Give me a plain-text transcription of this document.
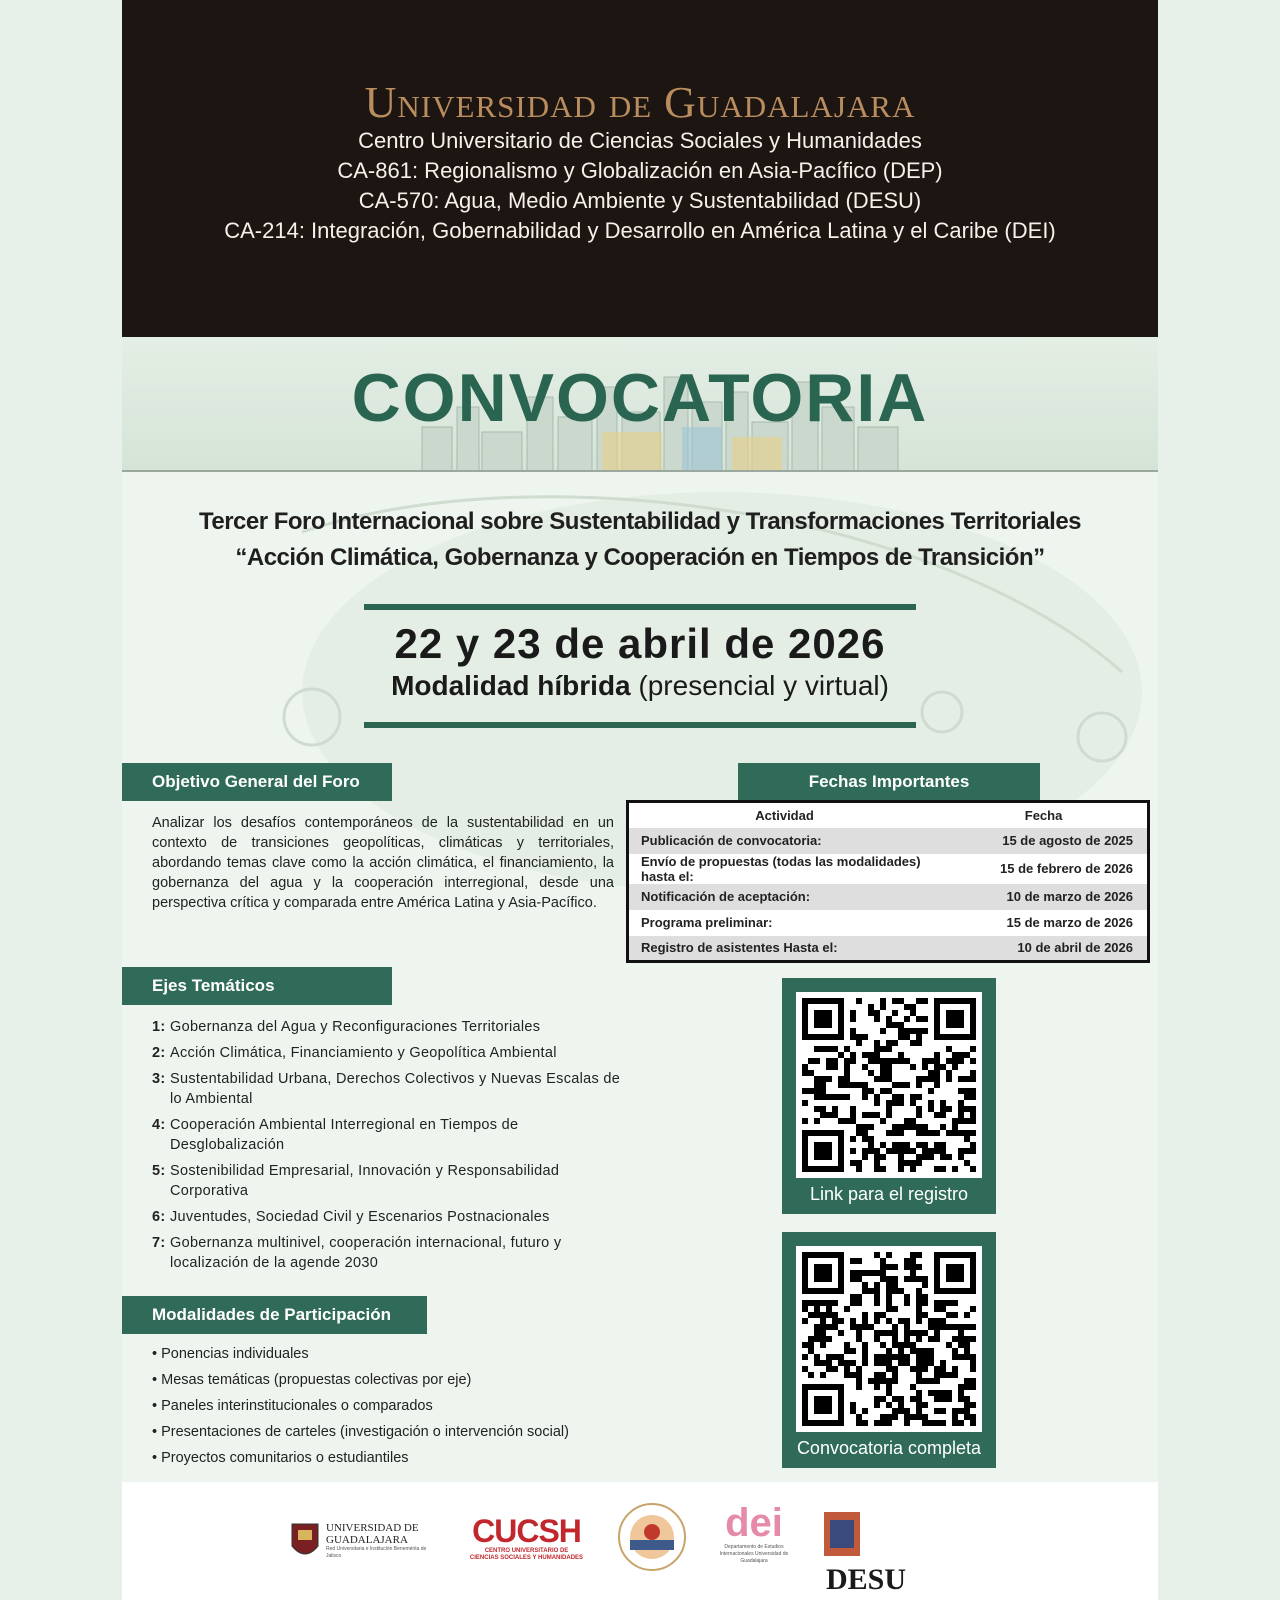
Universidad de Guadalajara
Centro Universitario de Ciencias Sociales y Humanidades
CA-861: Regionalismo y Globalización en Asia-Pacífico (DEP)
CA-570: Agua, Medio Ambiente y Sustentabilidad (DESU)
CA-214: Integración, Gobernabilidad y Desarrollo en América Latina y el Caribe (DEI)
CONVOCATORIA
Tercer Foro Internacional sobre Sustentabilidad y Transformaciones Territoriales
“Acción Climática, Gobernanza y Cooperación en Tiempos de Transición”
22 y 23 de abril de 2026
Modalidad híbrida (presencial y virtual)
Objetivo General del Foro
Analizar los desafíos contemporáneos de la sustentabilidad en un contexto de transiciones geopolíticas, climáticas y territoriales, abordando temas clave como la acción climática, el financiamiento, la gobernanza del agua y la cooperación interregional, desde una perspectiva crítica y comparada entre América Latina y Asia-Pacífico.
Ejes Temáticos
1: Gobernanza del Agua y Reconfiguraciones Territoriales
2: Acción Climática, Financiamiento y Geopolítica Ambiental
3: Sustentabilidad Urbana, Derechos Colectivos y Nuevas Escalas de lo Ambiental
4: Cooperación Ambiental Interregional en Tiempos de Desglobalización
5: Sostenibilidad Empresarial, Innovación y Responsabilidad Corporativa
6: Juventudes, Sociedad Civil y Escenarios Postnacionales
7: Gobernanza multinivel, cooperación internacional, futuro y localización de la agende 2030
Modalidades de Participación
• Ponencias individuales
• Mesas temáticas (propuestas colectivas por eje)
• Paneles interinstitucionales o comparados
• Presentaciones de carteles (investigación o intervención social)
• Proyectos comunitarios o estudiantiles
Fechas Importantes
Actividad	Fecha
Publicación de convocatoria:	15 de agosto de 2025
Envío de propuestas (todas las modalidades) hasta el:	15 de febrero de 2026
Notificación de aceptación:	10 de marzo de 2026
Programa preliminar:	15 de marzo de 2026
Registro de asistentes Hasta el:	10 de abril de 2026
Link para el registro
Convocatoria completa
UNIVERSIDAD DE GUADALAJARA
Red Universitaria e Institución Benemérita de Jalisco
CUCSH
CENTRO UNIVERSITARIO DE
CIENCIAS SOCIALES Y HUMANIDADES
dei
Departamento de Estudios Internacionales Universidad de Guadalajara
DESU
